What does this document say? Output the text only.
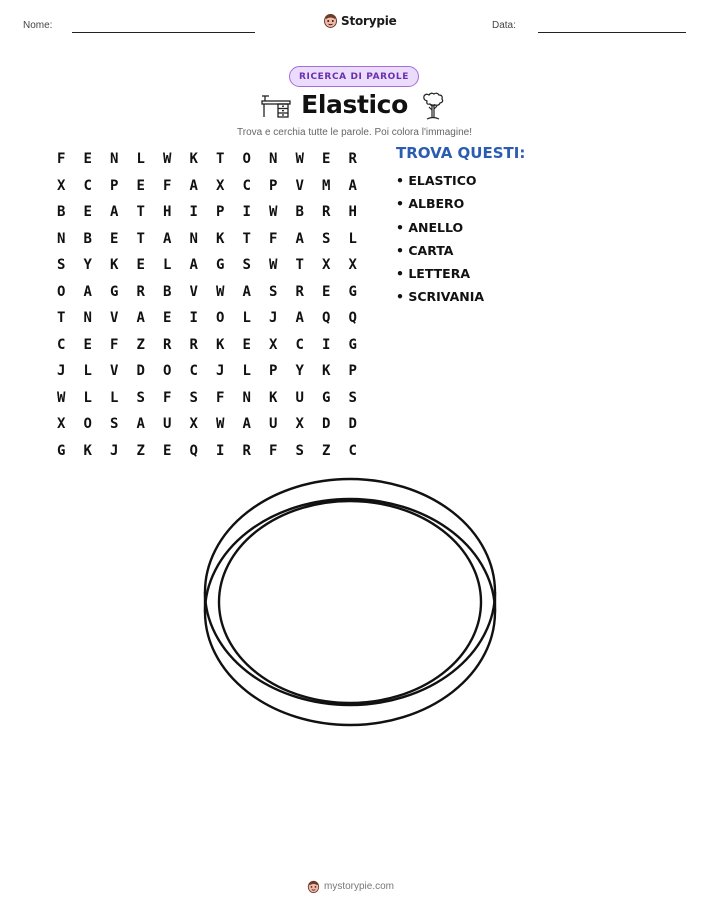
Nome:	Storypie	Data:
RICERCA DI PAROLE
Elastico
Trova e cerchia tutte le parole. Poi colora l'immagine!
F	E	N	L	W	K	T	O	N	W	E	R
X	C	P	E	F	A	X	C	P	V	M	A
B	E	A	T	H	I	P	I	W	B	R	H
N	B	E	T	A	N	K	T	F	A	S	L
S	Y	K	E	L	A	G	S	W	T	X	X
O	A	G	R	B	V	W	A	S	R	E	G
T	N	V	A	E	I	O	L	J	A	Q	Q
C	E	F	Z	R	R	K	E	X	C	I	G
J	L	V	D	O	C	J	L	P	Y	K	P
W	L	L	S	F	S	F	N	K	U	G	S
X	O	S	A	U	X	W	A	U	X	D	D
G	K	J	Z	E	Q	I	R	F	S	Z	C
TROVA QUESTI:
• ELASTICO
• ALBERO
• ANELLO
• CARTA
• LETTERA
• SCRIVANIA
mystorypie.com
